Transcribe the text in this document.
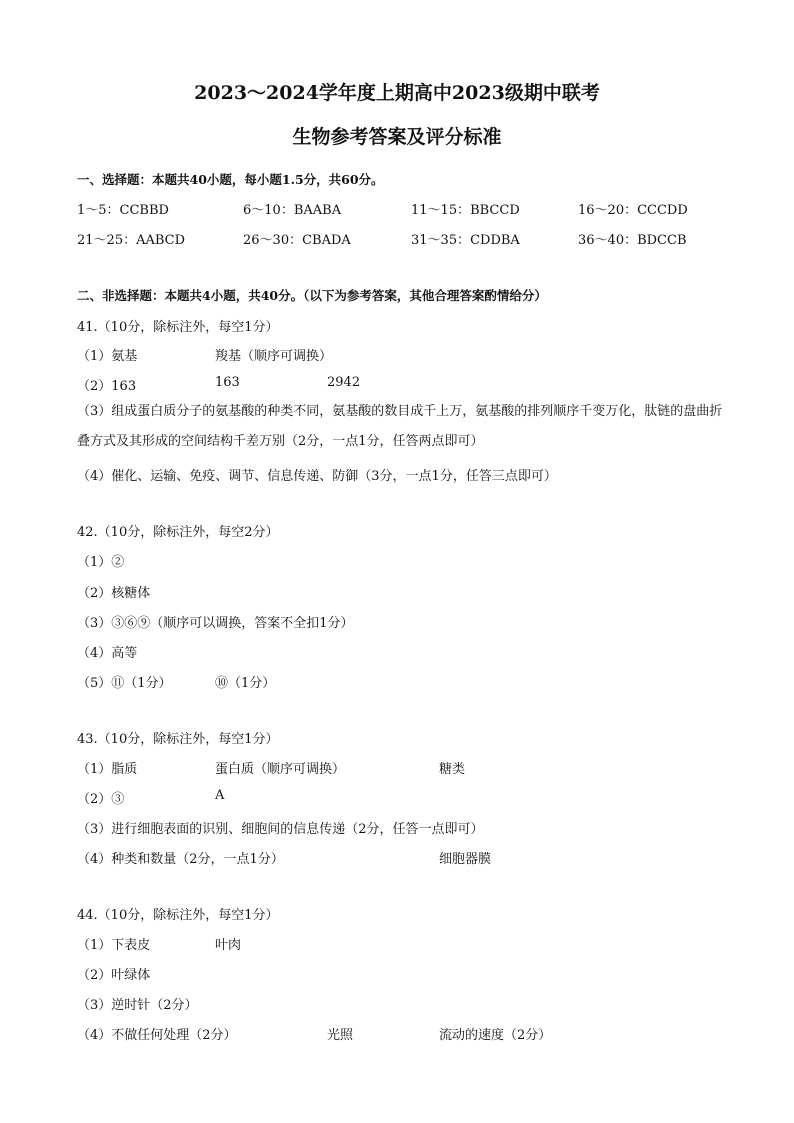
2023～2024学年度上期高中2023级期中联考
生物参考答案及评分标准
一、选择题：本题共40小题，每小题1.5分，共60分。
1～5：CCBBD	6～10：BAABA	11～15：BBCCD	16～20：CCCDD
21～25：AABCD	26～30：CBADA	31～35：CDDBA	36～40：BDCCB
二、非选择题：本题共4小题，共40分。（以下为参考答案，其他合理答案酌情给分）
41.（10分，除标注外，每空1分）
（1）氨基	羧基（顺序可调换）
（2）163	163	2942
（3）组成蛋白质分子的氨基酸的种类不同，氨基酸的数目成千上万，氨基酸的排列顺序千变万化，肽链的盘曲折叠方式及其形成的空间结构千差万别（2分，一点1分，任答两点即可）
（4）催化、运输、免疫、调节、信息传递、防御（3分，一点1分，任答三点即可）
42.（10分，除标注外，每空2分）
（1）②
（2）核糖体
（3）③⑥⑨（顺序可以调换，答案不全扣1分）
（4）高等
（5）⑪（1分）	⑩（1分）
43.（10分，除标注外，每空1分）
（1）脂质	蛋白质（顺序可调换）	糖类
（2）③	A
（3）进行细胞表面的识别、细胞间的信息传递（2分，任答一点即可）
（4）种类和数量（2分，一点1分）	细胞器膜
44.（10分，除标注外，每空1分）
（1）下表皮	叶肉
（2）叶绿体
（3）逆时针（2分）
（4）不做任何处理（2分）	光照	流动的速度（2分）
